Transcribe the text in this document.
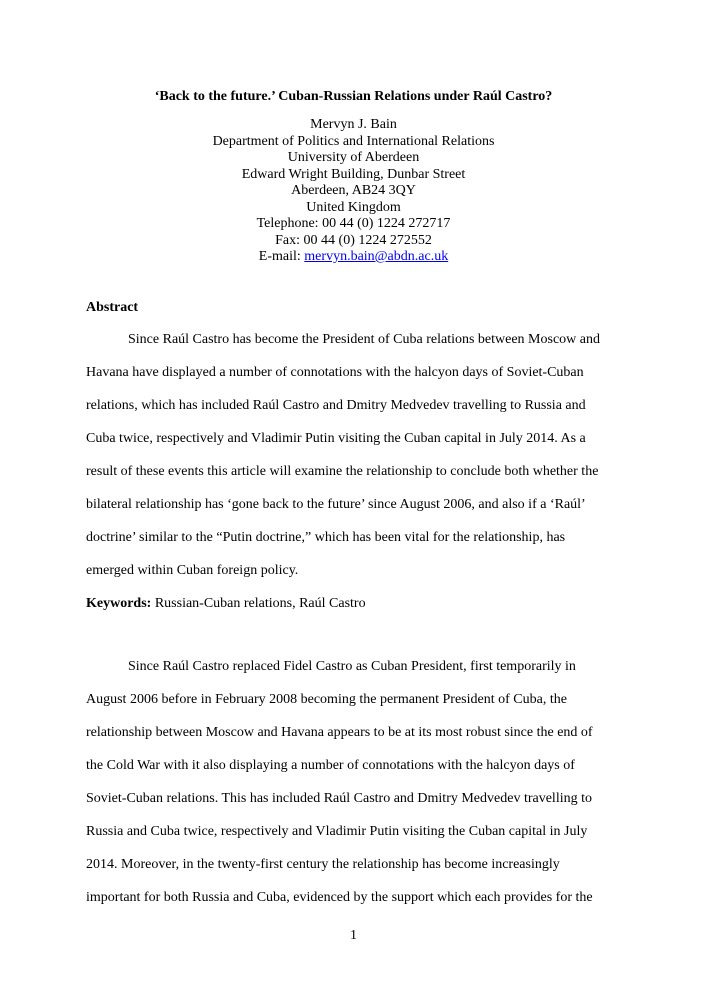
‘Back to the future.’ Cuban-Russian Relations under Raúl Castro?
Mervyn J. Bain
Department of Politics and International Relations
University of Aberdeen
Edward Wright Building, Dunbar Street
Aberdeen, AB24 3QY
United Kingdom
Telephone: 00 44 (0) 1224 272717
Fax: 00 44 (0) 1224 272552
E-mail: mervyn.bain@abdn.ac.uk
Abstract
Since Raúl Castro has become the President of Cuba relations between Moscow and
Havana have displayed a number of connotations with the halcyon days of Soviet-Cuban
relations, which has included Raúl Castro and Dmitry Medvedev travelling to Russia and
Cuba twice, respectively and Vladimir Putin visiting the Cuban capital in July 2014. As a
result of these events this article will examine the relationship to conclude both whether the
bilateral relationship has ‘gone back to the future’ since August 2006, and also if a ‘Raúl’
doctrine’ similar to the “Putin doctrine,” which has been vital for the relationship, has
emerged within Cuban foreign policy.
Keywords: Russian-Cuban relations, Raúl Castro
Since Raúl Castro replaced Fidel Castro as Cuban President, first temporarily in
August 2006 before in February 2008 becoming the permanent President of Cuba, the
relationship between Moscow and Havana appears to be at its most robust since the end of
the Cold War with it also displaying a number of connotations with the halcyon days of
Soviet-Cuban relations. This has included Raúl Castro and Dmitry Medvedev travelling to
Russia and Cuba twice, respectively and Vladimir Putin visiting the Cuban capital in July
2014. Moreover, in the twenty-first century the relationship has become increasingly
important for both Russia and Cuba, evidenced by the support which each provides for the
1
